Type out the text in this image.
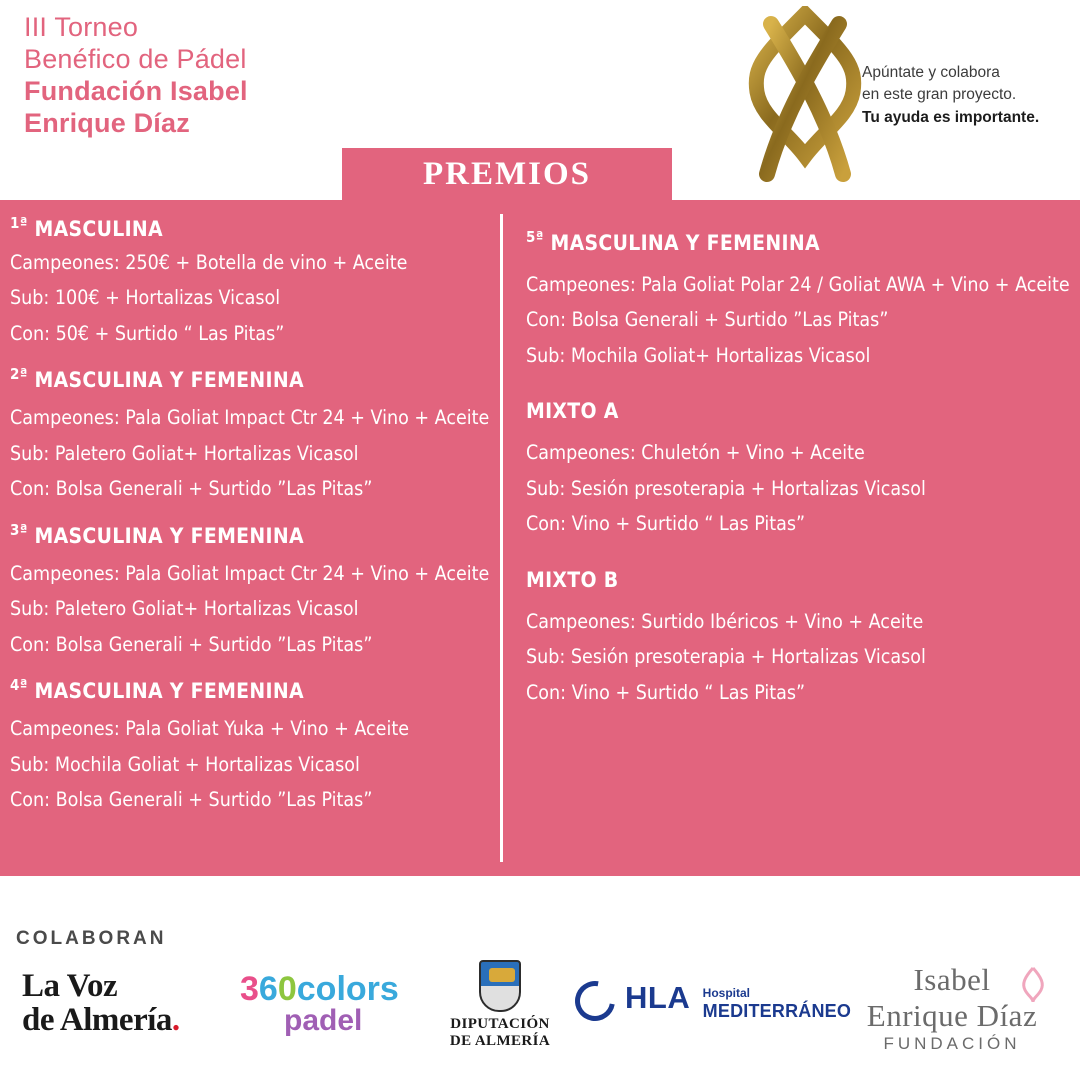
III Torneo
Benéfico de Pádel
Fundación Isabel
Enrique Díaz
Apúntate y colabora
en este gran proyecto.
Tu ayuda es importante.
PREMIOS
$^{1ª}$ MASCULINA
Campeones: 250€ + Botella de vino + Aceite
Sub: 100€ + Hortalizas Vicasol
Con: 50€ + Surtido “ Las Pitas”
$^{2ª}$ MASCULINA Y FEMENINA
Campeones: Pala Goliat Impact Ctr 24 + Vino + Aceite
Sub: Paletero Goliat+ Hortalizas Vicasol
Con: Bolsa Generali + Surtido ”Las Pitas”
$^{3ª}$ MASCULINA Y FEMENINA
Campeones: Pala Goliat Impact Ctr 24 + Vino + Aceite
Sub: Paletero Goliat+ Hortalizas Vicasol
Con: Bolsa Generali + Surtido ”Las Pitas”
$^{4ª}$ MASCULINA Y FEMENINA
Campeones: Pala Goliat Yuka + Vino + Aceite
Sub: Mochila Goliat + Hortalizas Vicasol
Con: Bolsa Generali + Surtido ”Las Pitas”
$^{5ª}$ MASCULINA Y FEMENINA
Campeones: Pala Goliat Polar 24 / Goliat AWA + Vino + Aceite
Con: Bolsa Generali + Surtido ”Las Pitas”
Sub: Mochila Goliat+ Hortalizas Vicasol
MIXTO A
Campeones: Chuletón + Vino + Aceite
Sub: Sesión presoterapia + Hortalizas Vicasol
Con: Vino + Surtido “ Las Pitas”
MIXTO B
Campeones: Surtido Ibéricos + Vino + Aceite
Sub: Sesión presoterapia + Hortalizas Vicasol
Con: Vino + Surtido “ Las Pitas”
COLABORAN
La Voz
de Almería.
360colors
padel	DIPUTACIÓN
DE ALMERÍA
HLA Hospital
MEDITERRÁNEO
Isabel
Enrique Díaz
FUNDACIÓN
